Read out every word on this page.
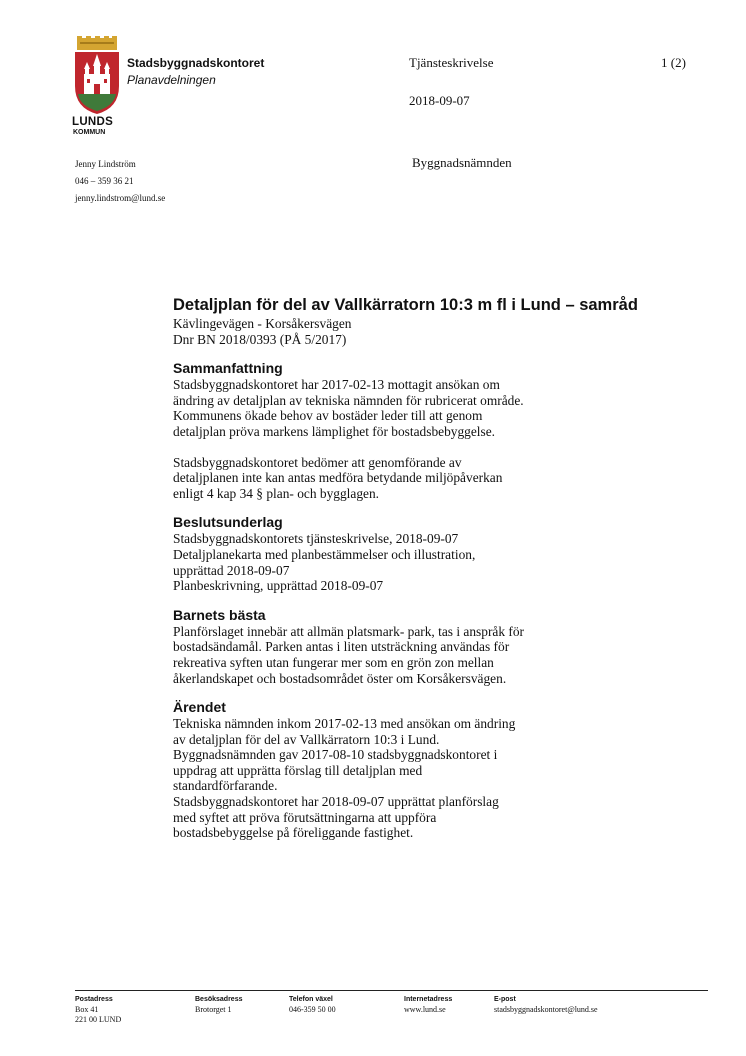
LUNDS
KOMMUN
Stadsbyggnadskontoret
Planavdelningen
Tjänsteskrivelse	1 (2)
2018-09-07
Byggnadsnämnden
Jenny Lindström
046 – 359 36 21
jenny.lindstrom@lund.se
Detaljplan för del av Vallkärratorn 10:3 m fl i Lund – samråd
Kävlingevägen - Korsåkersvägen
Dnr BN 2018/0393 (PÅ 5/2017)
Sammanfattning
Stadsbyggnadskontoret har 2017-02-13 mottagit ansökan om
ändring av detaljplan av tekniska nämnden för rubricerat område.
Kommunens ökade behov av bostäder leder till att genom
detaljplan pröva markens lämplighet för bostadsbebyggelse.
Stadsbyggnadskontoret bedömer att genomförande av
detaljplanen inte kan antas medföra betydande miljöpåverkan
enligt 4 kap 34 § plan- och bygglagen.
Beslutsunderlag
Stadsbyggnadskontorets tjänsteskrivelse, 2018-09-07
Detaljplanekarta med planbestämmelser och illustration,
upprättad 2018-09-07
Planbeskrivning, upprättad 2018-09-07
Barnets bästa
Planförslaget innebär att allmän platsmark- park, tas i anspråk för
bostadsändamål. Parken antas i liten utsträckning användas för
rekreativa syften utan fungerar mer som en grön zon mellan
åkerlandskapet och bostadsområdet öster om Korsåkersvägen.
Ärendet
Tekniska nämnden inkom 2017-02-13 med ansökan om ändring
av detaljplan för del av Vallkärratorn 10:3 i Lund.
Byggnadsnämnden gav 2017-08-10 stadsbyggnadskontoret i
uppdrag att upprätta förslag till detaljplan med
standardförfarande.
Stadsbyggnadskontoret har 2018-09-07 upprättat planförslag
med syftet att pröva förutsättningarna att uppföra
bostadsbebyggelse på föreliggande fastighet.
Postadress
Box 41
221 00 LUND
Besöksadress
Brotorget 1
Telefon växel
046-359 50 00
Internetadress
www.lund.se
E-post
stadsbyggnadskontoret@lund.se
